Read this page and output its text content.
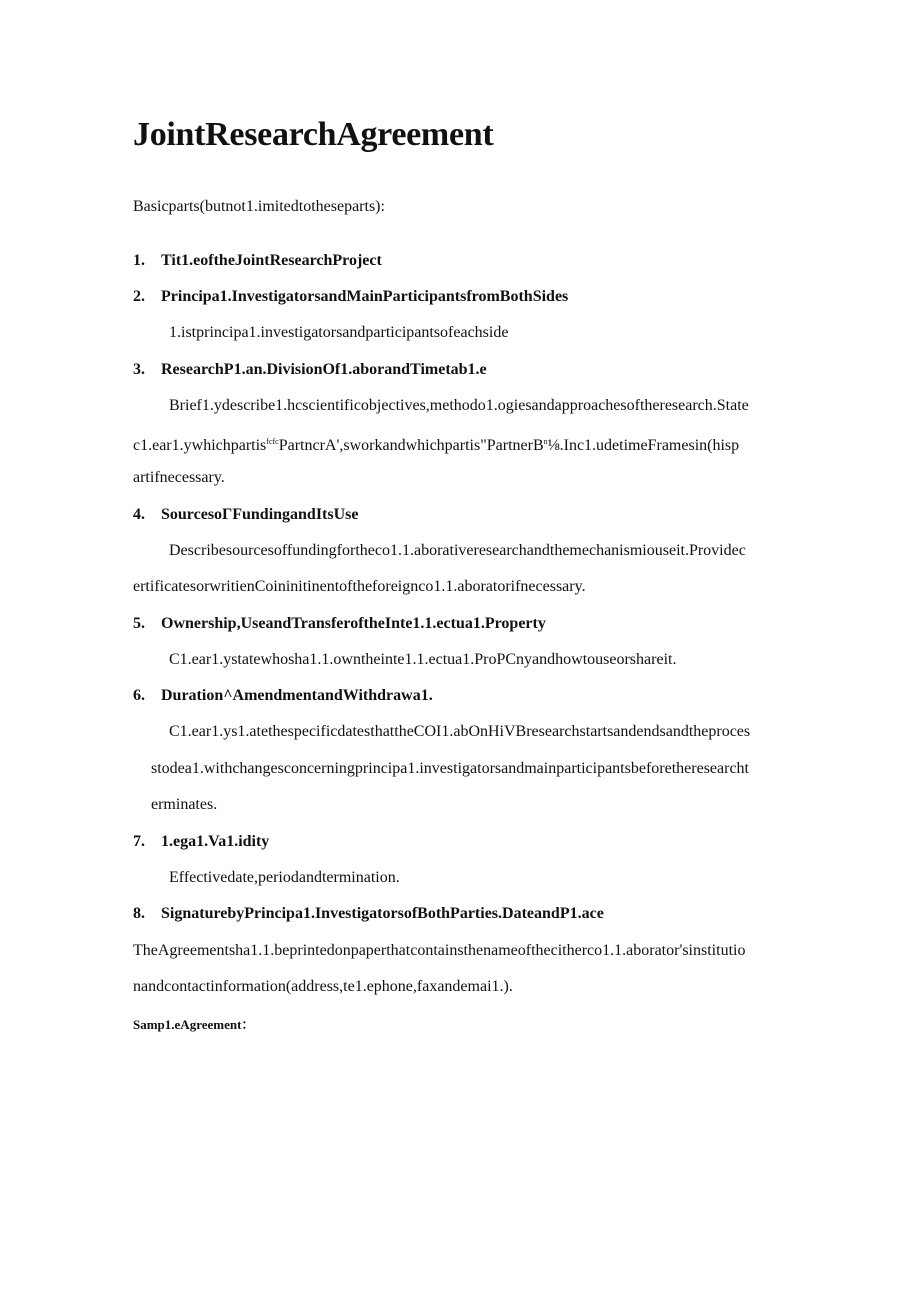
JointResearchAgreement

Basicparts(butnot1.imitedtotheseparts):

1. Tit1.eoftheJointResearchProject

2. Principa1.InvestigatorsandMainParticipantsfromBothSides

1.istprincipa1.investigatorsandparticipantsofeachside

3. ResearchP1.an.DivisionOf1.aborandTimetab1.e

Brief1.ydescribe1.hcscientificobjectives,methodo1.ogiesandapproachesoftheresearch.State

c1.ear1.ywhichpartis$^{fcfc}$PartncrA',sworkandwhichpartis"PartnerB$^n$⅛.Inc1.udetimeFramesin(hisp

artifnecessary.

4. SourcesoΓFundingandItsUse

Describesourcesoffundingfortheco1.1.aborativeresearchandthemechanismiouseit.Providec

ertificatesorwritienCoininitinentoftheforeignco1.1.aboratorifnecessary.

5. Ownership,UseandTransferoftheInte1.1.ectua1.Property

C1.ear1.ystatewhosha1.1.owntheinte1.1.ectua1.ProPCnyandhowtouseorshareit.

6. Duration^AmendmentandWithdrawa1.

C1.ear1.ys1.atethespecificdatesthattheCOI1.abOnHiVBresearchstartsandendsandtheproces

stodea1.withchangesconcerningprincipa1.investigatorsandmainparticipantsbeforetheresearcht

erminates.

7. 1.ega1.Va1.idity

Effectivedate,periodandtermination.

8. SignaturebyPrincipa1.InvestigatorsofBothParties.DateandP1.ace

TheAgreementsha1.1.beprintedonpaperthatcontainsthenameofthecitherco1.1.aborator'sinstitutio

nandcontactinformation(address,te1.ephone,faxandemai1.).

Samp1.eAgreement：
